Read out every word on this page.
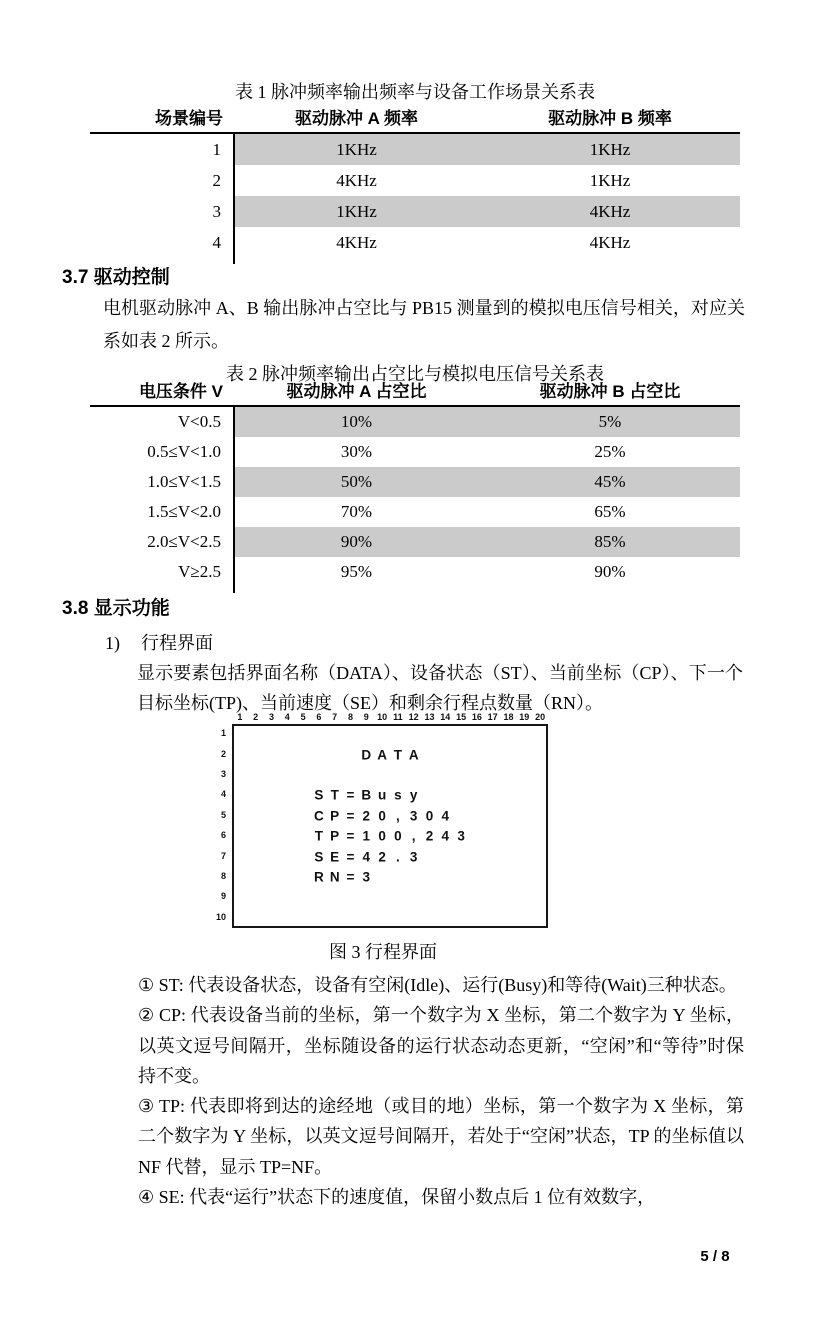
表 1 脉冲频率输出频率与设备工作场景关系表
场景编号	驱动脉冲 A 频率	驱动脉冲 B 频率
1	1KHz	1KHz
2	4KHz	1KHz
3	1KHz	4KHz
4	4KHz	4KHz
3.7 驱动控制
电机驱动脉冲 A、B 输出脉冲占空比与 PB15 测量到的模拟电压信号相关，对应关系如表 2 所示。
表 2 脉冲频率输出占空比与模拟电压信号关系表
电压条件 V	驱动脉冲 A 占空比	驱动脉冲 B 占空比
V<0.5	10%	5%
0.5≤V<1.0	30%	25%
1.0≤V<1.5	50%	45%
1.5≤V<2.0	70%	65%
2.0≤V<2.5	90%	85%
V≥2.5	95%	90%
3.8 显示功能
1) 行程界面
显示要素包括界面名称（DATA）、设备状态（ST）、当前坐标（CP）、下一个目标坐标(TP)、当前速度（SE）和剩余行程点数量（RN）。
1 2 3 4 5 6 7 8 9 10 11 12 13 14 15 16 17 18 19 20
1
2
3
4
5
6
7
8
9
10
D A T A
S T = B u s y
C P = 2 0 , 3 0 4
T P = 1 0 0 , 2 4 3
S E = 4 2 . 3
R N = 3
图 3 行程界面

① ST: 代表设备状态，设备有空闲(Idle)、运行(Busy)和等待(Wait)三种状态。

② CP: 代表设备当前的坐标，第一个数字为 X 坐标，第二个数字为 Y 坐标，以英文逗号间隔开，坐标随设备的运行状态动态更新，“空闲”和“等待”时保持不变。

③ TP: 代表即将到达的途经地（或目的地）坐标，第一个数字为 X 坐标，第二个数字为 Y 坐标，以英文逗号间隔开，若处于“空闲”状态，TP 的坐标值以 NF 代替，显示 TP=NF。

④ SE: 代表“运行”状态下的速度值，保留小数点后 1 位有效数字，

5 / 8
